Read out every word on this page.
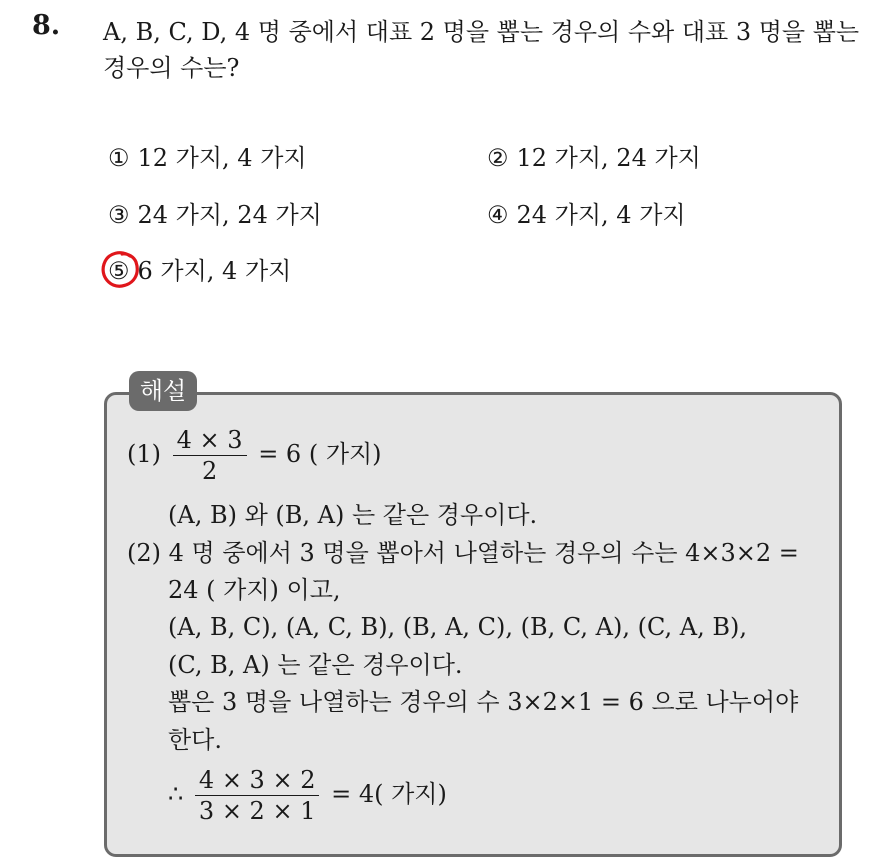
8. A, B, C, D, 4 명 중에서 대표 2 명을 뽑는 경우의 수와 대표 3 명을 뽑는 경우의 수는?
① 12 가지, 4 가지	② 12 가지, 24 가지
③ 24 가지, 24 가지	④ 24 가지, 4 가지
⑤ 6 가지, 4 가지
해설
$(1) \frac{4 \times 3}{2} = 6$ ( 가지)
(A, B) 와 (B, A) 는 같은 경우이다.
(2) 4 명 중에서 3 명을 뽑아서 나열하는 경우의 수는 4×3×2 =
24 ( 가지) 이고,
(A, B, C), (A, C, B), (B, A, C), (B, C, A), (C, A, B),
(C, B, A) 는 같은 경우이다.
뽑은 3 명을 나열하는 경우의 수 3×2×1 = 6 으로 나누어야
한다.
∴ $\frac{4 \times 3 \times 2}{3 \times 2 \times 1} = 4$( 가지)
